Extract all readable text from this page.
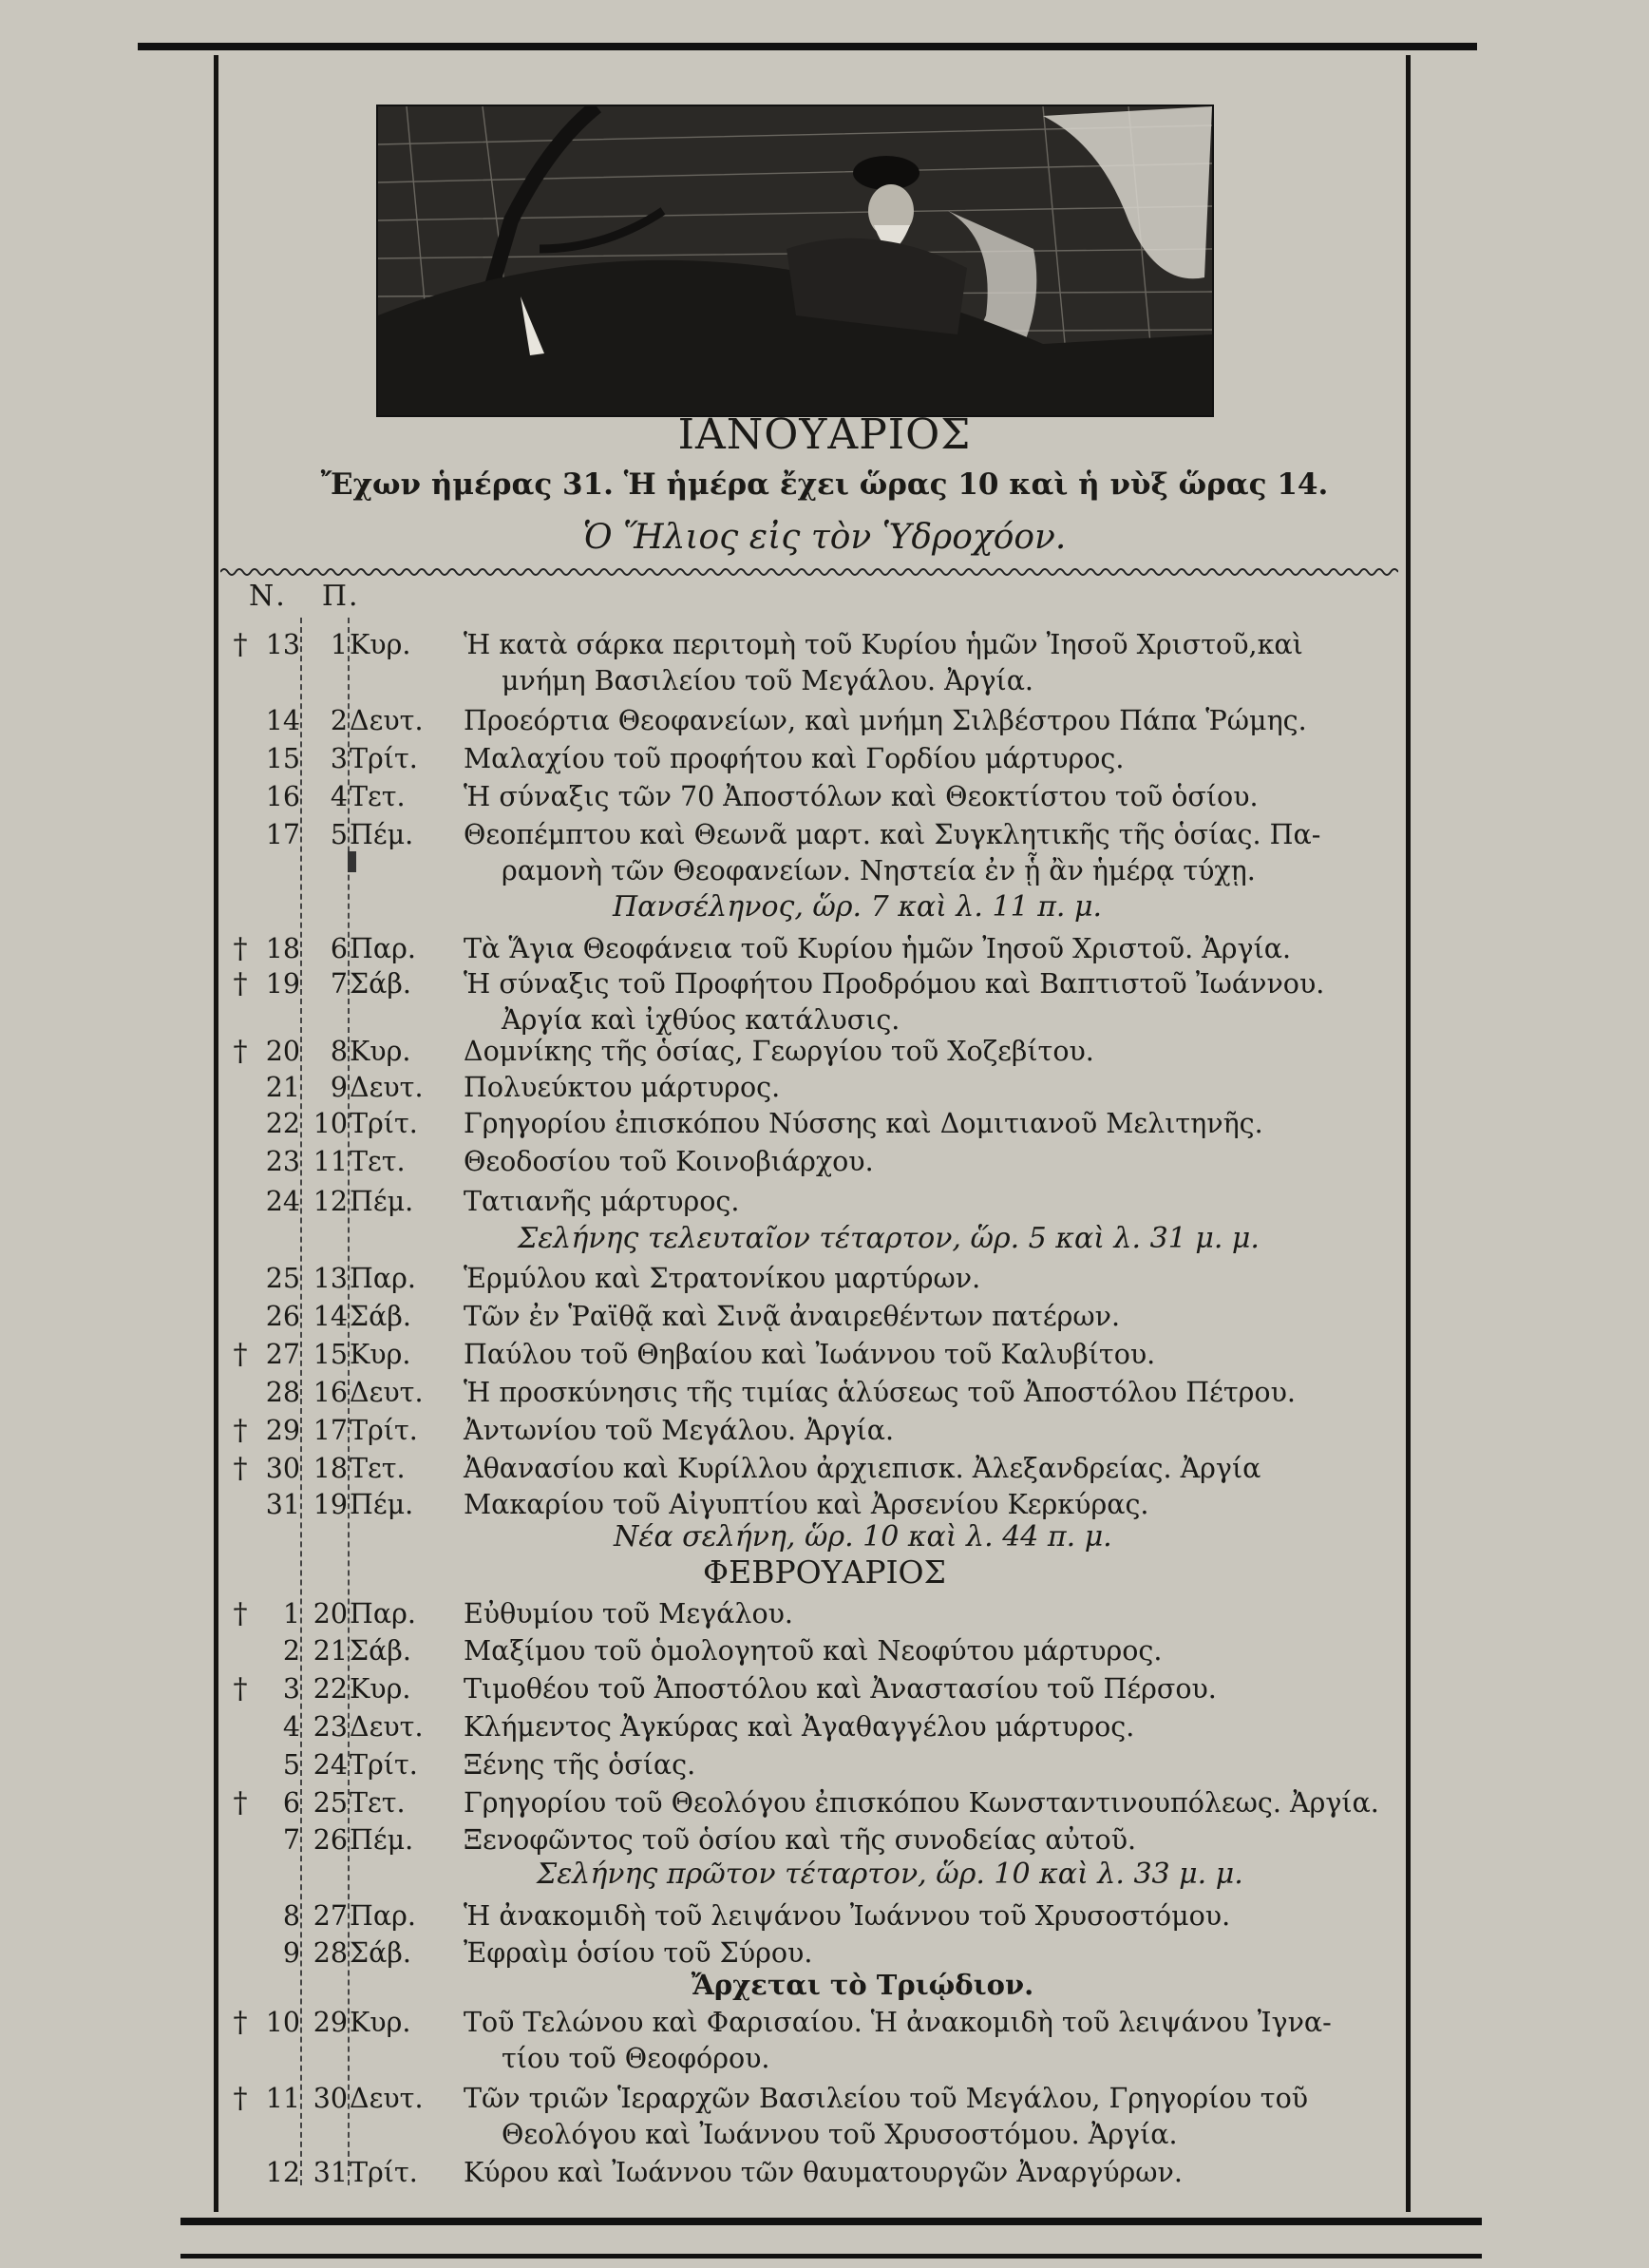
ΙΑΝΟΥΑΡΙΟΣ
Ἔχων ἡμέρας 31. Ἡ ἡμέρα ἔχει ὥρας 10 καὶ ἡ νὺξ ὥρας 14.
Ὁ Ἥλιος εἰς τὸν Ὑδροχόον.
Ν. Π.
† 13	1 Κυρ. Ἡ κατὰ σάρκα περιτομὴ τοῦ Κυρίου ἡμῶν Ἰησοῦ Χριστοῦ,καὶ
μνήμη Βασιλείου τοῦ Μεγάλου. Ἀργία.
14	2 Δευτ. Προεόρτια Θεοφανείων, καὶ μνήμη Σιλβέστρου Πάπα Ῥώμης.
15	3 Τρίτ. Μαλαχίου τοῦ προφήτου καὶ Γορδίου μάρτυρος.
16	4 Τετ. Ἡ σύναξις τῶν 70 Ἀποστόλων καὶ Θεοκτίστου τοῦ ὁσίου.
17	5 Πέμ. Θεοπέμπτου καὶ Θεωνᾶ μαρτ. καὶ Συγκλητικῆς τῆς ὁσίας. Πα-
ραμονὴ τῶν Θεοφανείων. Νηστεία ἐν ᾗ ἂν ἡμέρᾳ τύχῃ.
† 18	6 Παρ. Τὰ Ἅγια Θεοφάνεια τοῦ Κυρίου ἡμῶν Ἰησοῦ Χριστοῦ. Ἀργία.
† 19	7 Σάβ. Ἡ σύναξις τοῦ Προφήτου Προδρόμου καὶ Βαπτιστοῦ Ἰωάννου.
Ἀργία καὶ ἰχθύος κατάλυσις.
† 20	8 Κυρ. Δομνίκης τῆς ὁσίας, Γεωργίου τοῦ Χοζεβίτου.
21	9 Δευτ. Πολυεύκτου μάρτυρος.
22 10 Τρίτ. Γρηγορίου ἐπισκόπου Νύσσης καὶ Δομιτιανοῦ Μελιτηνῆς.
23 11 Τετ. Θεοδοσίου τοῦ Κοινοβιάρχου.
24 12 Πέμ. Τατιανῆς μάρτυρος.
25 13 Παρ. Ἑρμύλου καὶ Στρατονίκου μαρτύρων.
26 14 Σάβ. Τῶν ἐν Ῥαϊθᾷ καὶ Σινᾷ ἀναιρεθέντων πατέρων.
† 27 15 Κυρ. Παύλου τοῦ Θηβαίου καὶ Ἰωάννου τοῦ Καλυβίτου.
28 16 Δευτ. Ἡ προσκύνησις τῆς τιμίας ἁλύσεως τοῦ Ἀποστόλου Πέτρου.
† 29 17 Τρίτ. Ἀντωνίου τοῦ Μεγάλου. Ἀργία.
† 30 18 Τετ. Ἀθανασίου καὶ Κυρίλλου ἀρχιεπισκ. Ἀλεξανδρείας. Ἀργία
31 19 Πέμ. Μακαρίου τοῦ Αἰγυπτίου καὶ Ἀρσενίου Κερκύρας.
†	1 20 Παρ. Εὐθυμίου τοῦ Μεγάλου.
2 21 Σάβ. Μαξίμου τοῦ ὁμολογητοῦ καὶ Νεοφύτου μάρτυρος.
†	3 22 Κυρ. Τιμοθέου τοῦ Ἀποστόλου καὶ Ἀναστασίου τοῦ Πέρσου.
4 23 Δευτ. Κλήμεντος Ἀγκύρας καὶ Ἀγαθαγγέλου μάρτυρος.
5 24 Τρίτ. Ξένης τῆς ὁσίας.
†	6 25 Τετ. Γρηγορίου τοῦ Θεολόγου ἐπισκόπου Κωνσταντινουπόλεως. Ἀργία.
7 26 Πέμ. Ξενοφῶντος τοῦ ὁσίου καὶ τῆς συνοδείας αὐτοῦ.
8 27 Παρ. Ἡ ἀνακομιδὴ τοῦ λειψάνου Ἰωάννου τοῦ Χρυσοστόμου.
9 28 Σάβ. Ἐφραὶμ ὁσίου τοῦ Σύρου.
† 10 29 Κυρ. Τοῦ Τελώνου καὶ Φαρισαίου. Ἡ ἀνακομιδὴ τοῦ λειψάνου Ἰγνα-
τίου τοῦ Θεοφόρου.
† 11 30 Δευτ. Τῶν τριῶν Ἱεραρχῶν Βασιλείου τοῦ Μεγάλου, Γρηγορίου τοῦ
Θεολόγου καὶ Ἰωάννου τοῦ Χρυσοστόμου. Ἀργία.
12 31 Τρίτ. Κύρου καὶ Ἰωάννου τῶν θαυματουργῶν Ἀναργύρων.
Πανσέληνος, ὥρ. 7 καὶ λ. 11 π. μ.
Σελήνης τελευταῖον τέταρτον, ὥρ. 5 καὶ λ. 31 μ. μ.
Νέα σελήνη, ὥρ. 10 καὶ λ. 44 π. μ.
ΦΕΒΡΟΥΑΡΙΟΣ
Σελήνης πρῶτον τέταρτον, ὥρ. 10 καὶ λ. 33 μ. μ.
Ἄρχεται τὸ Τριῴδιον.
